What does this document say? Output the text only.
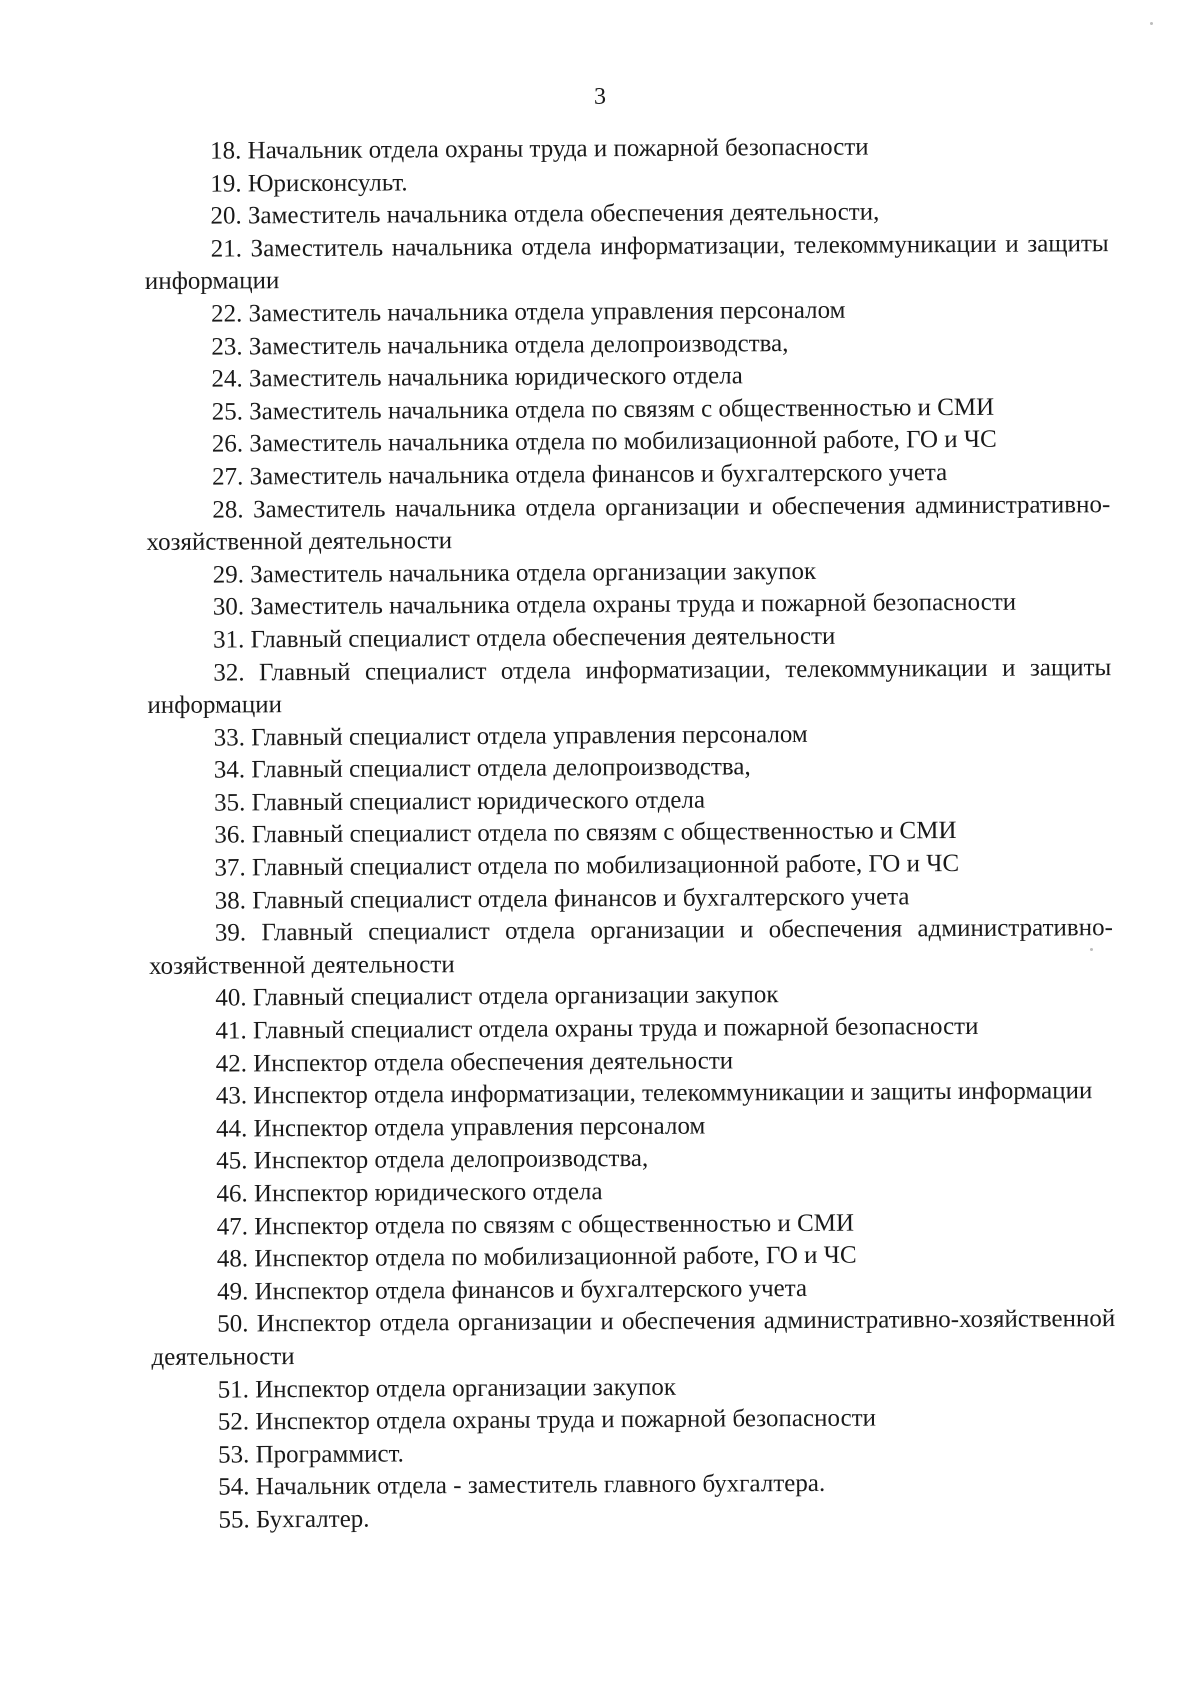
3

18. Начальник отдела охраны труда и пожарной безопасности

19. Юрисконсульт.

20. Заместитель начальника отдела обеспечения деятельности,

21. Заместитель начальника отдела информатизации, телекоммуникации и защиты информации

22. Заместитель начальника отдела управления персоналом

23. Заместитель начальника отдела делопроизводства,

24. Заместитель начальника юридического отдела

25. Заместитель начальника отдела по связям с общественностью и СМИ

26. Заместитель начальника отдела по мобилизационной работе, ГО и ЧС

27. Заместитель начальника отдела финансов и бухгалтерского учета

28. Заместитель начальника отдела организации и обеспечения административно-хозяйственной деятельности

29. Заместитель начальника отдела организации закупок

30. Заместитель начальника отдела охраны труда и пожарной безопасности

31. Главный специалист отдела обеспечения деятельности

32. Главный специалист отдела информатизации, телекоммуникации и защиты информации

33. Главный специалист отдела управления персоналом

34. Главный специалист отдела делопроизводства,

35. Главный специалист юридического отдела

36. Главный специалист отдела по связям с общественностью и СМИ

37. Главный специалист отдела по мобилизационной работе, ГО и ЧС

38. Главный специалист отдела финансов и бухгалтерского учета

39. Главный специалист отдела организации и обеспечения административно-хозяйственной деятельности

40. Главный специалист отдела организации закупок

41. Главный специалист отдела охраны труда и пожарной безопасности

42. Инспектор отдела обеспечения деятельности

43. Инспектор отдела информатизации, телекоммуникации и защиты информации

44. Инспектор отдела управления персоналом

45. Инспектор отдела делопроизводства,

46. Инспектор юридического отдела

47. Инспектор отдела по связям с общественностью и СМИ

48. Инспектор отдела по мобилизационной работе, ГО и ЧС

49. Инспектор отдела финансов и бухгалтерского учета

50. Инспектор отдела организации и обеспечения административно-хозяйственной деятельности

51. Инспектор отдела организации закупок

52. Инспектор отдела охраны труда и пожарной безопасности

53. Программист.

54. Начальник отдела - заместитель главного бухгалтера.

55. Бухгалтер.
